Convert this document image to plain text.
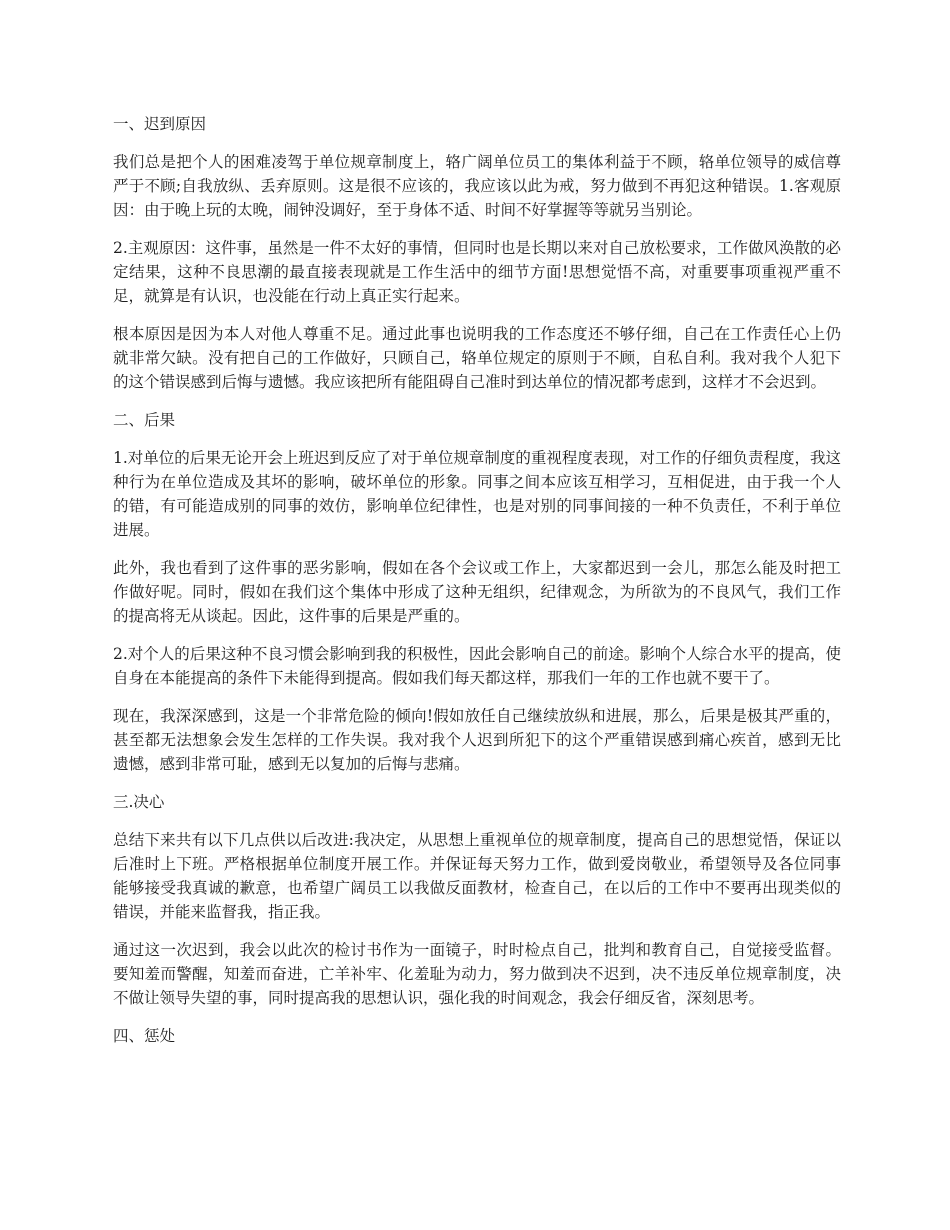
一、迟到原因
我们总是把个人的困难凌驾于单位规章制度上，辂广阔单位员工的集体利益于不顾，辂单位领导的威信尊严于不顾;自我放纵、丢弃原则。这是很不应该的，我应该以此为戒，努力做到不再犯这种错误。1.客观原因：由于晚上玩的太晚，闹钟没调好，至于身体不适、时间不好掌握等等就另当别论。
2.主观原因：这件事，虽然是一件不太好的事情，但同时也是长期以来对自己放松要求，工作做风涣散的必定结果，这种不良思潮的最直接表现就是工作生活中的细节方面!思想觉悟不高，对重要事项重视严重不足，就算是有认识，也没能在行动上真正实行起来。
根本原因是因为本人对他人尊重不足。通过此事也说明我的工作态度还不够仔细，自己在工作责任心上仍就非常欠缺。没有把自己的工作做好，只顾自己，辂单位规定的原则于不顾，自私自利。我对我个人犯下的这个错误感到后悔与遗憾。我应该把所有能阻碍自己准时到达单位的情况都考虑到，这样才不会迟到。
二、后果
1.对单位的后果无论开会上班迟到反应了对于单位规章制度的重视程度表现，对工作的仔细负责程度，我这种行为在单位造成及其坏的影响，破坏单位的形象。同事之间本应该互相学习，互相促进，由于我一个人的错，有可能造成别的同事的效仿，影响单位纪律性，也是对别的同事间接的一种不负责任，不利于单位进展。
此外，我也看到了这件事的恶劣影响，假如在各个会议或工作上，大家都迟到一会儿，那怎么能及时把工作做好呢。同时，假如在我们这个集体中形成了这种无组织，纪律观念，为所欲为的不良风气，我们工作的提高将无从谈起。因此，这件事的后果是严重的。
2.对个人的后果这种不良习惯会影响到我的积极性，因此会影响自己的前途。影响个人综合水平的提高，使自身在本能提高的条件下未能得到提高。假如我们每天都这样，那我们一年的工作也就不要干了。
现在，我深深感到，这是一个非常危险的倾向!假如放任自己继续放纵和进展，那么，后果是极其严重的，甚至都无法想象会发生怎样的工作失误。我对我个人迟到所犯下的这个严重错误感到痛心疾首，感到无比遗憾，感到非常可耻，感到无以复加的后悔与悲痛。
三.决心
总结下来共有以下几点供以后改进:我决定，从思想上重视单位的规章制度，提高自己的思想觉悟，保证以后准时上下班。严格根据单位制度开展工作。并保证每天努力工作，做到爱岗敬业，希望领导及各位同事能够接受我真诚的歉意，也希望广阔员工以我做反面教材，检查自己，在以后的工作中不要再出现类似的错误，并能来监督我，指正我。
通过这一次迟到，我会以此次的检讨书作为一面镜子，时时检点自己，批判和教育自己，自觉接受监督。要知羞而警醒，知羞而奋进，亡羊补牢、化羞耻为动力，努力做到决不迟到，决不违反单位规章制度，决不做让领导失望的事，同时提高我的思想认识，强化我的时间观念，我会仔细反省，深刻思考。
四、惩处
